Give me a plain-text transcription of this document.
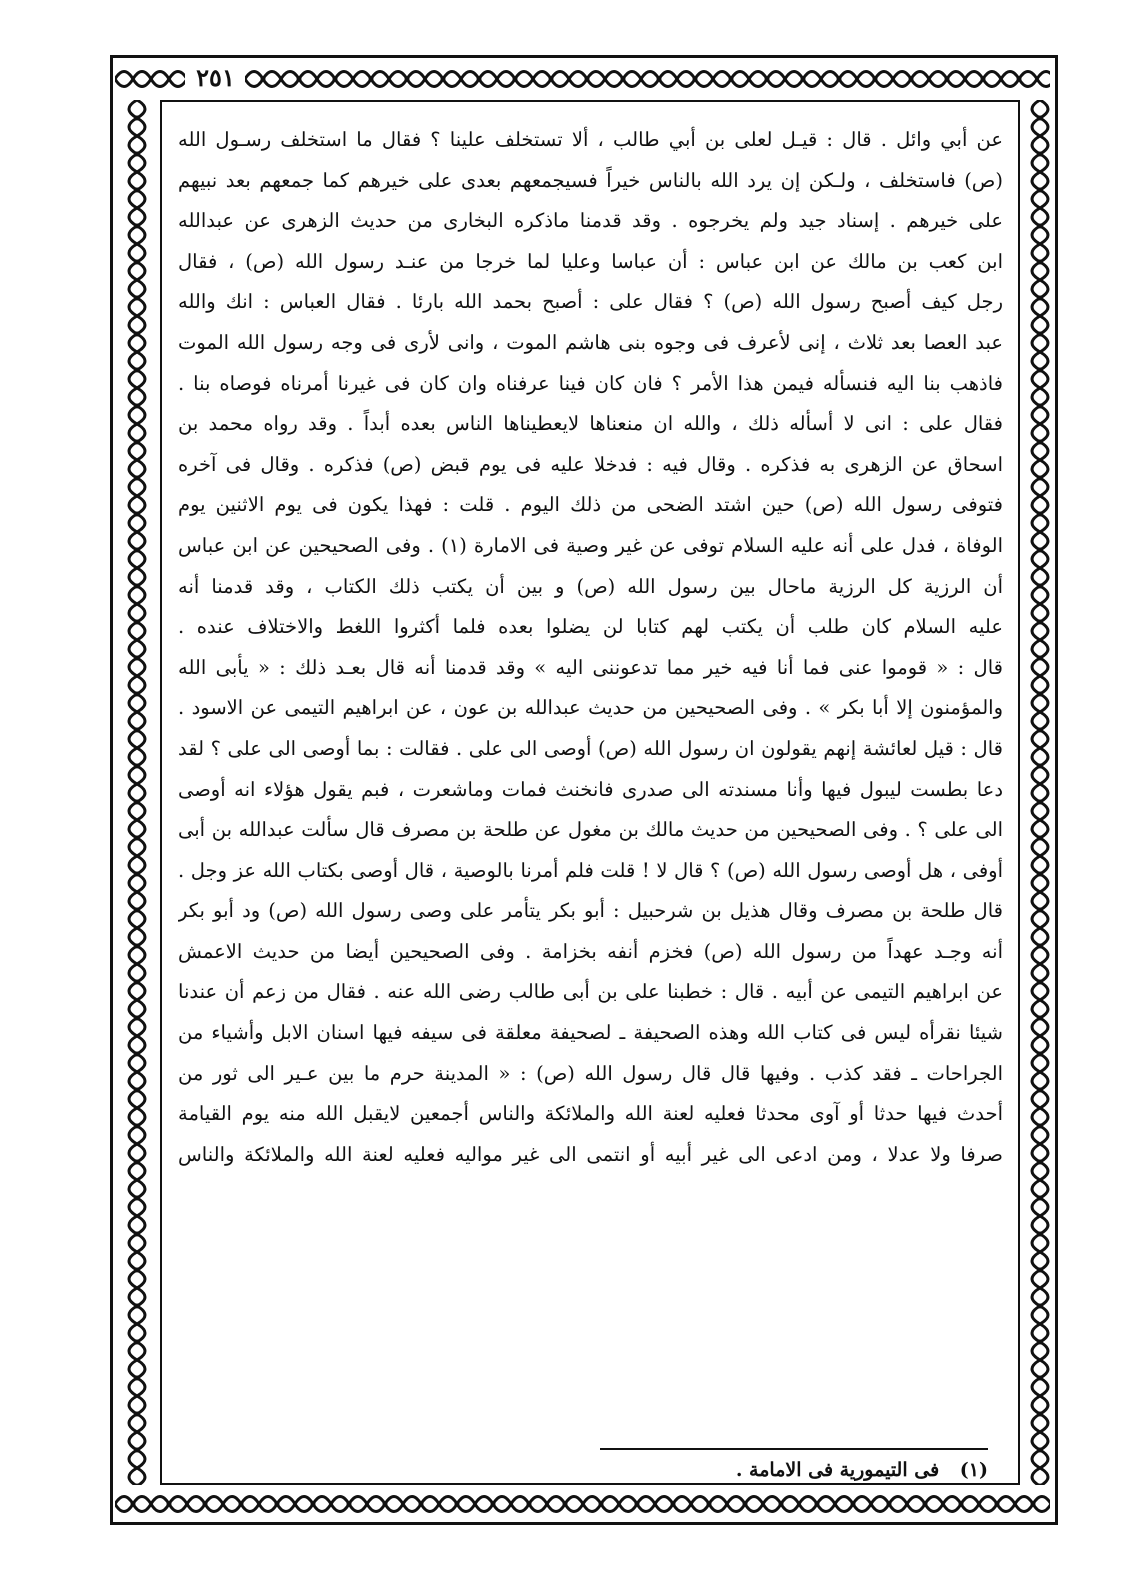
٢٥١
عن أبي وائل . قال : قيـل لعلى بن أبي طالب ، ألا تستخلف علينا ؟ فقال ما استخلف رسـول الله
(ص) فاستخلف ، ولـكن إن يرد الله بالناس خيراً فسيجمعهم بعدى على خيرهم كما جمعهم بعد نبيهم
على خيرهم . إسناد جيد ولم يخرجوه . وقد قدمنا ماذكره البخارى من حديث الزهرى عن عبدالله
ابن كعب بن مالك عن ابن عباس : أن عباسا وعليا لما خرجا من عنـد رسول الله (ص) ، فقال
رجل كيف أصبح رسول الله (ص) ؟ فقال على : أصبح بحمد الله بارئا . فقال العباس : انك والله
عبد العصا بعد ثلاث ، إنى لأعرف فى وجوه بنى هاشم الموت ، وانى لأرى فى وجه رسول الله الموت
فاذهب بنا اليه فنسأله فيمن هذا الأمر ؟ فان كان فينا عرفناه وان كان فى غيرنا أمرناه فوصاه بنا .
فقال على : انى لا أسأله ذلك ، والله ان منعناها لايعطيناها الناس بعده أبداً . وقد رواه محمد بن
اسحاق عن الزهرى به فذكره . وقال فيه : فدخلا عليه فى يوم قبض (ص) فذكره . وقال فى آخره
فتوفى رسول الله (ص) حين اشتد الضحى من ذلك اليوم . قلت : فهذا يكون فى يوم الاثنين يوم
الوفاة ، فدل على أنه عليه السلام توفى عن غير وصية فى الامارة (١) . وفى الصحيحين عن ابن عباس
أن الرزية كل الرزية ماحال بين رسول الله (ص) و بين أن يكتب ذلك الكتاب ، وقد قدمنا أنه
عليه السلام كان طلب أن يكتب لهم كتابا لن يضلوا بعده فلما أكثروا اللغط والاختلاف عنده .
قال : « قوموا عنى فما أنا فيه خير مما تدعوننى اليه » وقد قدمنا أنه قال بعـد ذلك : « يأبى الله
والمؤمنون إلا أبا بكر » . وفى الصحيحين من حديث عبدالله بن عون ، عن ابراهيم التيمى عن الاسود .
قال : قيل لعائشة إنهم يقولون ان رسول الله (ص) أوصى الى على . فقالت : بما أوصى الى على ؟ لقد
دعا بطست ليبول فيها وأنا مسندته الى صدرى فانخنث فمات وماشعرت ، فبم يقول هؤلاء انه أوصى
الى على ؟ . وفى الصحيحين من حديث مالك بن مغول عن طلحة بن مصرف قال سألت عبدالله بن أبى
أوفى ، هل أوصى رسول الله (ص) ؟ قال لا ! قلت فلم أمرنا بالوصية ، قال أوصى بكتاب الله عز وجل .
قال طلحة بن مصرف وقال هذيل بن شرحبيل : أبو بكر يتأمر على وصى رسول الله (ص) ود أبو بكر
أنه وجـد عهداً من رسول الله (ص) فخزم أنفه بخزامة . وفى الصحيحين أيضا من حديث الاعمش
عن ابراهيم التيمى عن أبيه . قال : خطبنا على بن أبى طالب رضى الله عنه . فقال من زعم أن عندنا
شيئا نقرأه ليس فى كتاب الله وهذه الصحيفة ـ لصحيفة معلقة فى سيفه فيها اسنان الابل وأشياء من
الجراحات ـ فقد كذب . وفيها قال قال رسول الله (ص) : « المدينة حرم ما بين عـير الى ثور من
أحدث فيها حدثا أو آوى محدثا فعليه لعنة الله والملائكة والناس أجمعين لايقبل الله منه يوم القيامة
صرفا ولا عدلا ، ومن ادعى الى غير أبيه أو انتمى الى غير مواليه فعليه لعنة الله والملائكة والناس
(١) فى التيمورية فى الامامة .
